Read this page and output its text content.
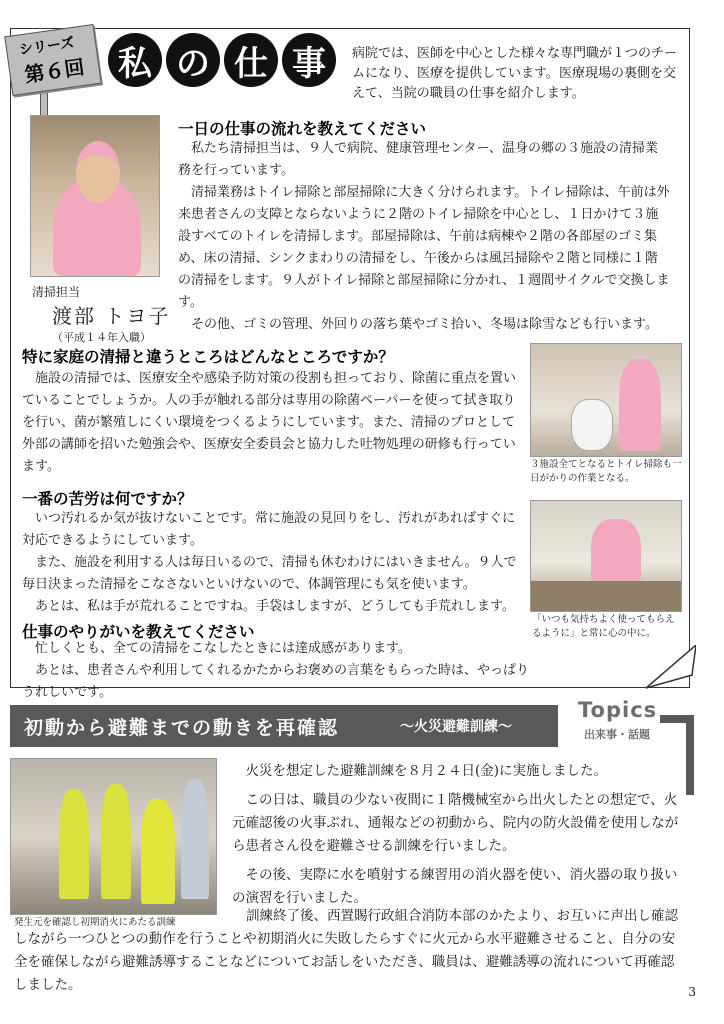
シリーズ
第６回 私 の 仕 事	病院では、医師を中心とした様々な専門職が１つのチームになり、医療を提供しています。医療現場の裏側を交えて、当院の職員の仕事を紹介します。
清掃担当
渡部 トヨ子
（平成１４年入職）
一日の仕事の流れを教えてください

私たち清掃担当は、９人で病院、健康管理センター、温身の郷の３施設の清掃業務を行っています。

清掃業務はトイレ掃除と部屋掃除に大きく分けられます。トイレ掃除は、午前は外来患者さんの支障とならないように２階のトイレ掃除を中心とし、１日かけて３施設すべてのトイレを清掃します。部屋掃除は、午前は病棟や２階の各部屋のゴミ集め、床の清掃、シンクまわりの清掃をし、午後からは風呂掃除や２階と同様に１階の清掃をします。９人がトイレ掃除と部屋掃除に分かれ、１週間サイクルで交換します。

その他、ゴミの管理、外回りの落ち葉やゴミ拾い、冬場は除雪なども行います。

特に家庭の清掃と違うところはどんなところですか？

施設の清掃では、医療安全や感染予防対策の役割も担っており、除菌に重点を置いていることでしょうか。人の手が触れる部分は専用の除菌ペーパーを使って拭き取りを行い、菌が繁殖しにくい環境をつくるようにしています。また、清掃のプロとして外部の講師を招いた勉強会や、医療安全委員会と協力した吐物処理の研修も行っています。	３施設全てとなるとトイレ掃除も一日がかりの作業となる。
一番の苦労は何ですか？

いつ汚れるか気が抜けないことです。常に施設の見回りをし、汚れがあればすぐに対応できるようにしています。

また、施設を利用する人は毎日いるので、清掃も休むわけにはいきません。９人で毎日決まった清掃をこなさないといけないので、体調管理にも気を使います。

あとは、私は手が荒れることですね。手袋はしますが、どうしても手荒れします。

「いつも気持ちよく使ってもらえるように」と常に心の中に。
仕事のやりがいを教えてください

忙しくとも、全ての清掃をこなしたときには達成感があります。

あとは、患者さんや利用してくれるかたからお褒めの言葉をもらった時は、やっぱりうれしいです。

初動から避難までの動きを再確認	～火災避難訓練～
Topics
出来事・話題
発生元を確認し初期消火にあたる訓練

火災を想定した避難訓練を８月２４日(金)に実施しました。

この日は、職員の少ない夜間に１階機械室から出火したとの想定で、火元確認後の火事ぶれ、通報などの初動から、院内の防火設備を使用しながら患者さん役を避難させる訓練を行いました。

その後、実際に水を噴射する練習用の消火器を使い、消火器の取り扱いの演習を行いました。

訓練終了後、西置賜行政組合消防本部のかたより、お互いに声出し確認しながら一つひとつの動作を行うことや初期消火に失敗したらすぐに火元から水平避難させること、自分の安全を確保しながら避難誘導することなどについてお話しをいただき、職員は、避難誘導の流れについて再確認しました。	3
